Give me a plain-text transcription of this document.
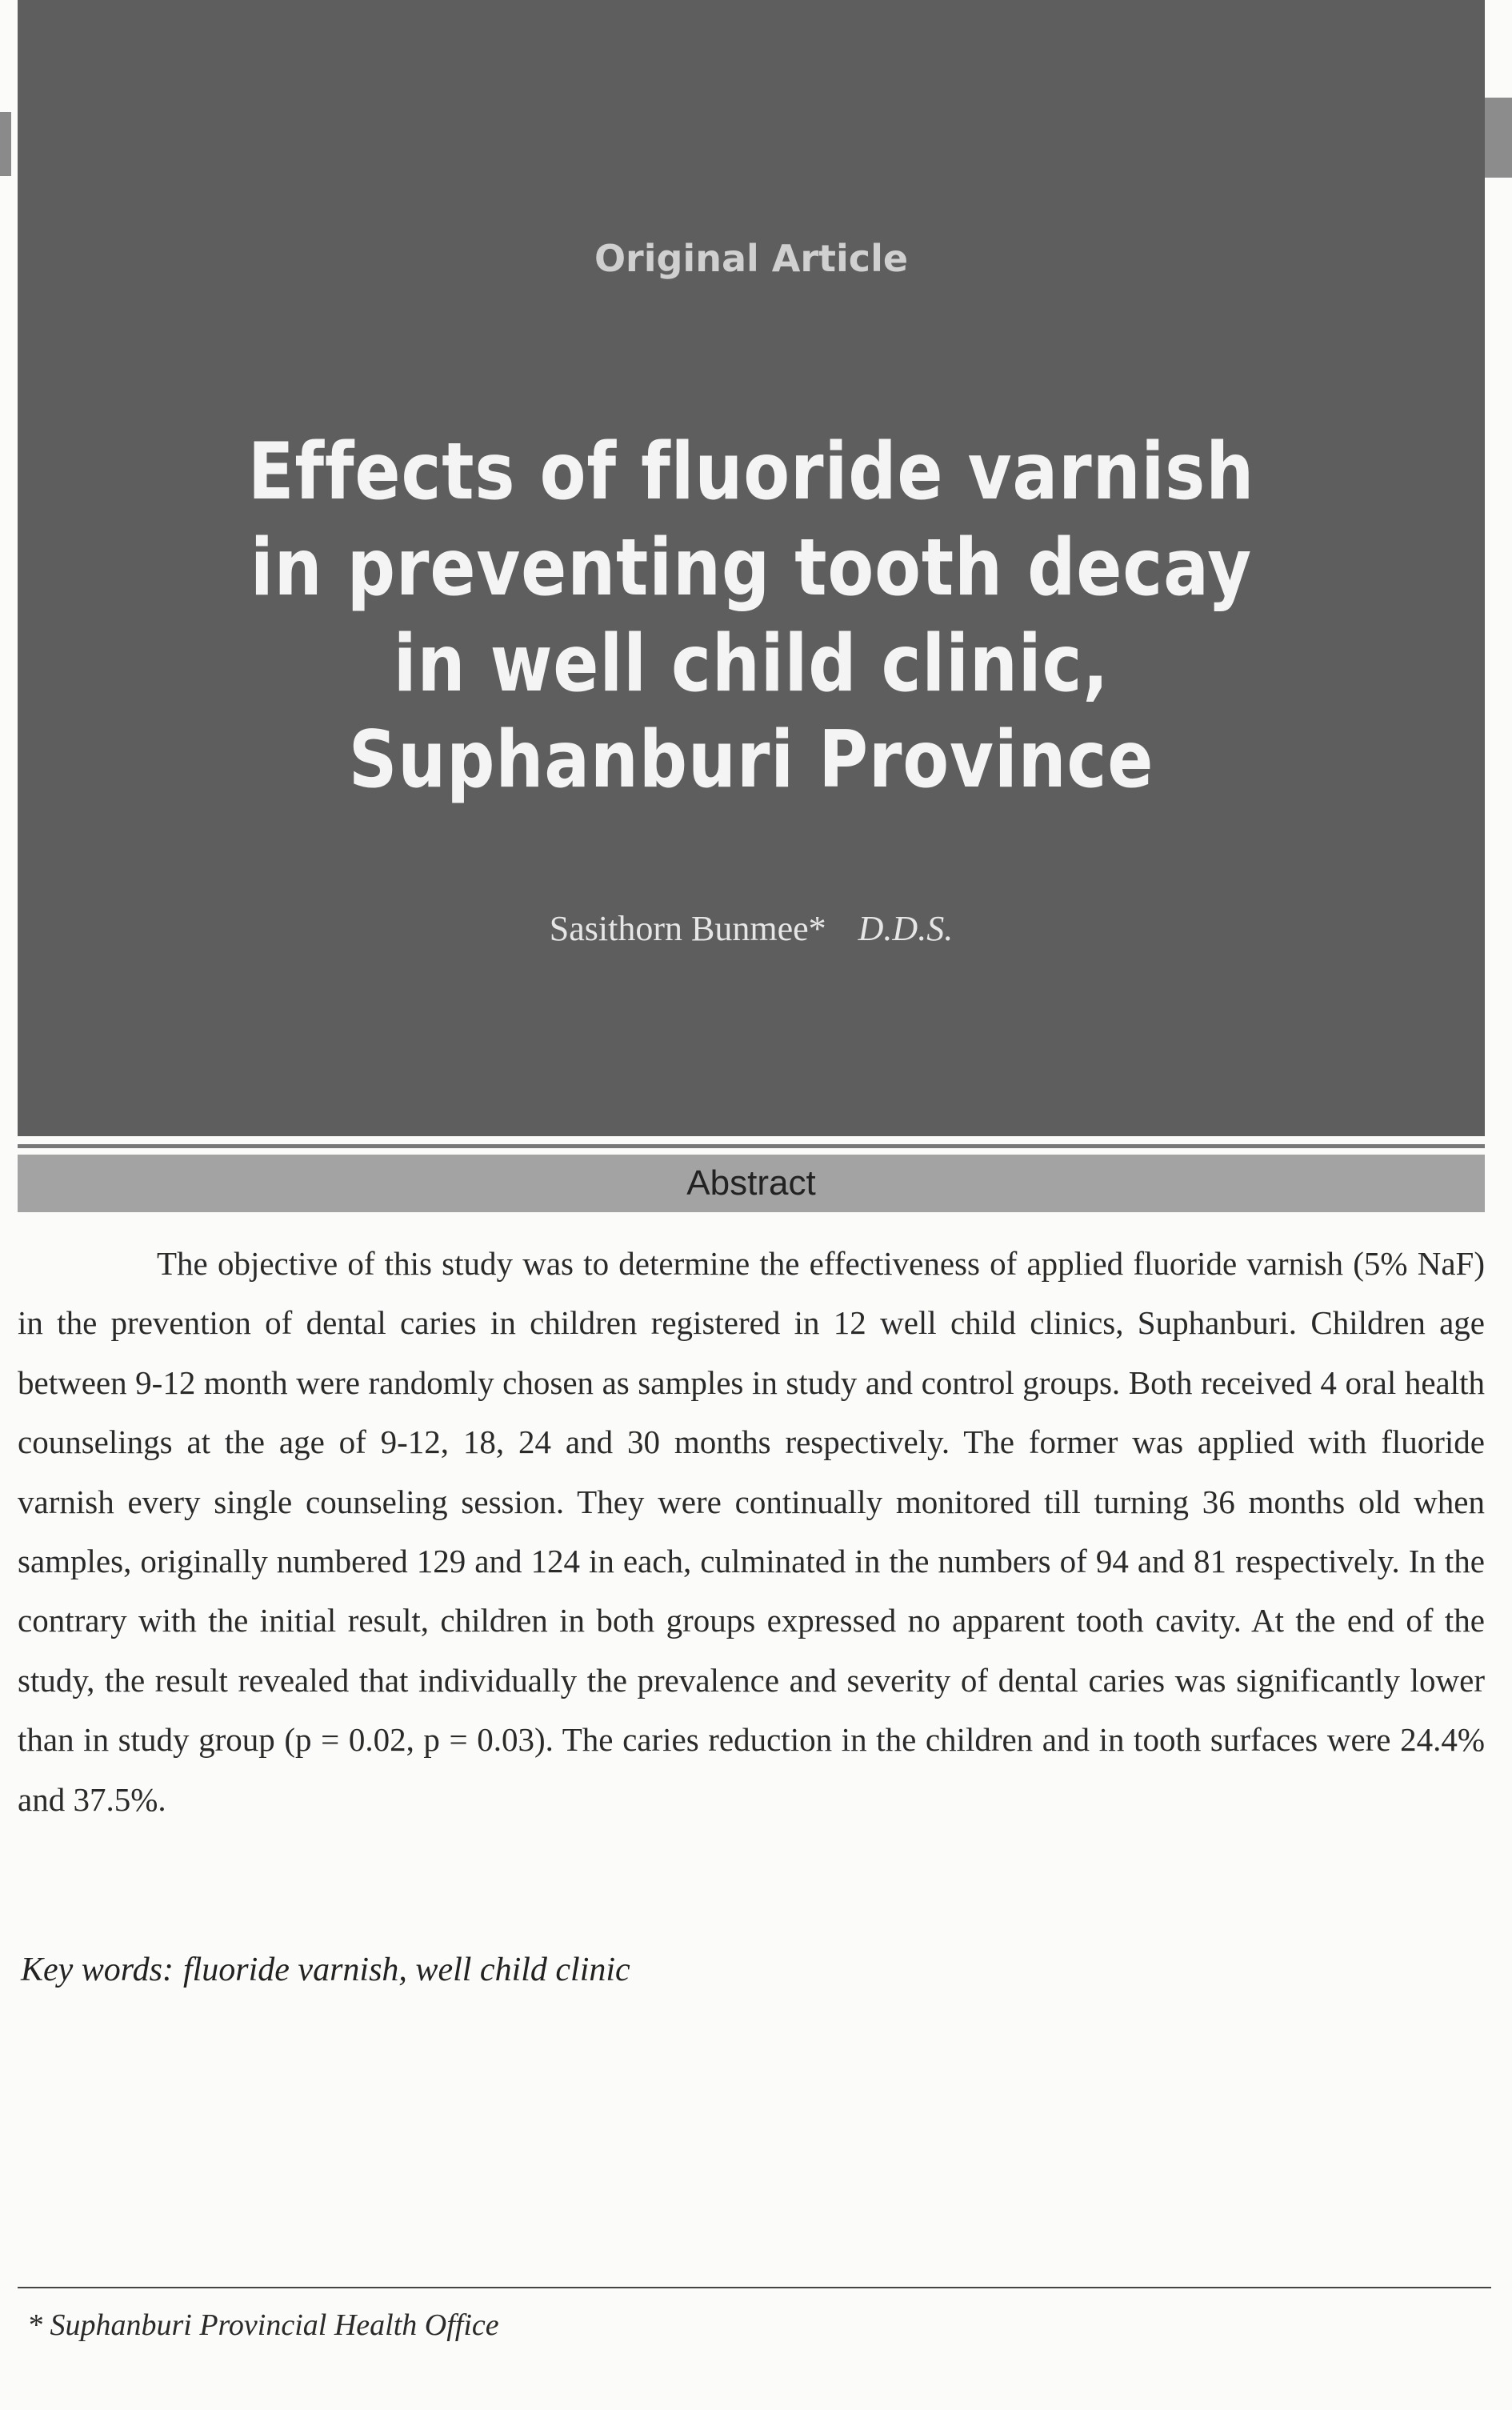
Original Article
Effects of fluoride varnish
in preventing tooth decay
in well child clinic,
Suphanburi Province
Sasithorn Bunmee* D.D.S.
Abstract

The objective of this study was to determine the effectiveness of applied fluoride varnish (5% NaF) in the prevention of dental caries in children registered in 12 well child clinics, Suphanburi. Children age between 9-12 month were randomly chosen as samples in study and control groups. Both received 4 oral health counselings at the age of 9-12, 18, 24 and 30 months respectively. The former was applied with fluoride varnish every single counseling session. They were continually monitored till turning 36 months old when samples, originally numbered 129 and 124 in each, culminated in the numbers of 94 and 81 respectively. In the contrary with the initial result, children in both groups expressed no apparent tooth cavity. At the end of the study, the result revealed that individually the prevalence and severity of dental caries was significantly lower than in study group (p = 0.02, p = 0.03). The caries reduction in the children and in tooth surfaces were 24.4% and 37.5%.

Key words: fluoride varnish, well child clinic
* Suphanburi Provincial Health Office
